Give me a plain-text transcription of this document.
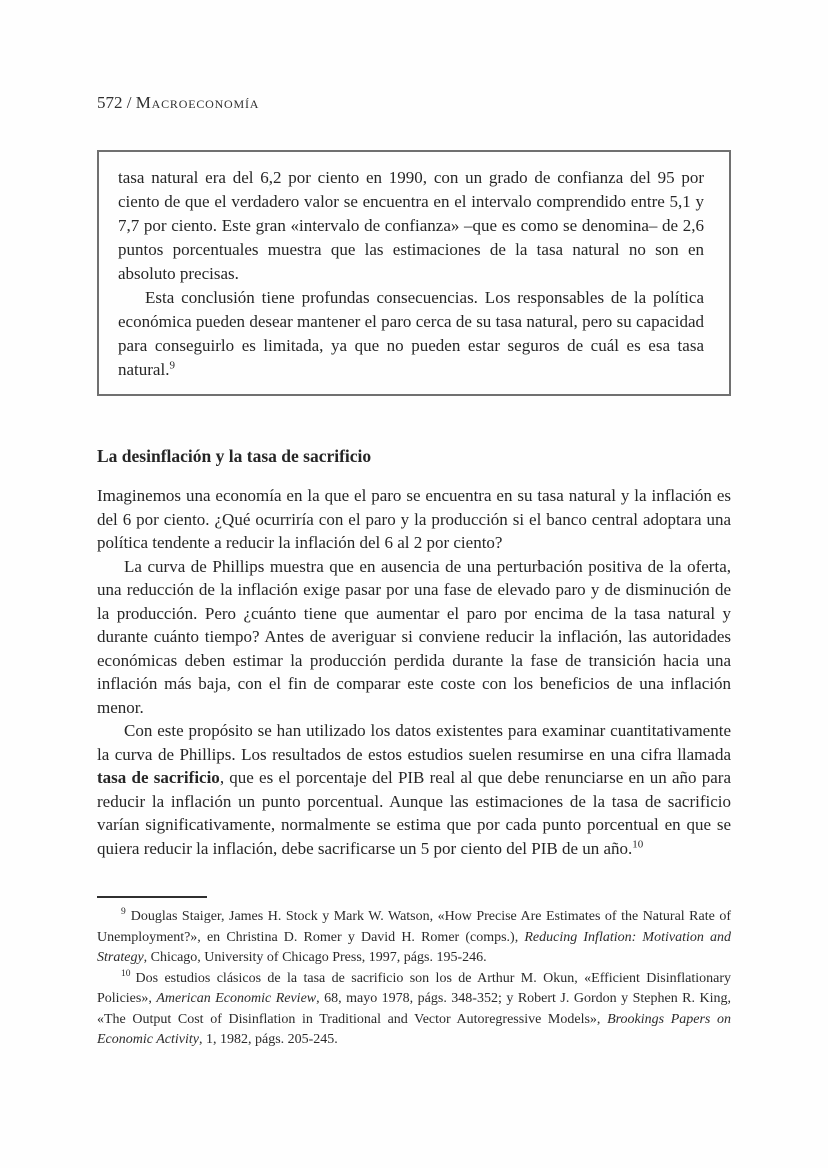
572 / Macroeconomía

tasa natural era del 6,2 por ciento en 1990, con un grado de confianza del 95 por ciento de que el verdadero valor se encuentra en el intervalo comprendido entre 5,1 y 7,7 por ciento. Este gran «intervalo de confianza» –que es como se denomina– de 2,6 puntos porcentuales muestra que las estimaciones de la tasa natural no son en absoluto precisas.

Esta conclusión tiene profundas consecuencias. Los responsables de la política económica pueden desear mantener el paro cerca de su tasa natural, pero su capacidad para conseguirlo es limitada, ya que no pueden estar seguros de cuál es esa tasa natural.$^9$

La desinflación y la tasa de sacrificio

Imaginemos una economía en la que el paro se encuentra en su tasa natural y la inflación es del 6 por ciento. ¿Qué ocurriría con el paro y la producción si el banco central adoptara una política tendente a reducir la inflación del 6 al 2 por ciento?

La curva de Phillips muestra que en ausencia de una perturbación positiva de la oferta, una reducción de la inflación exige pasar por una fase de elevado paro y de disminución de la producción. Pero ¿cuánto tiene que aumentar el paro por encima de la tasa natural y durante cuánto tiempo? Antes de averiguar si conviene reducir la inflación, las autoridades económicas deben estimar la producción perdida durante la fase de transición hacia una inflación más baja, con el fin de comparar este coste con los beneficios de una inflación menor.

Con este propósito se han utilizado los datos existentes para examinar cuantitativamente la curva de Phillips. Los resultados de estos estudios suelen resumirse en una cifra llamada tasa de sacrificio, que es el porcentaje del PIB real al que debe renunciarse en un año para reducir la inflación un punto porcentual. Aunque las estimaciones de la tasa de sacrificio varían significativamente, normalmente se estima que por cada punto porcentual en que se quiera reducir la inflación, debe sacrificarse un 5 por ciento del PIB de un año.$^{10}$

$^9$ Douglas Staiger, James H. Stock y Mark W. Watson, «How Precise Are Estimates of the Natural Rate of Unemployment?», en Christina D. Romer y David H. Romer (comps.), Reducing Inflation: Motivation and Strategy, Chicago, University of Chicago Press, 1997, págs. 195-246.

$^{10}$ Dos estudios clásicos de la tasa de sacrificio son los de Arthur M. Okun, «Efficient Disinflationary Policies», American Economic Review, 68, mayo 1978, págs. 348-352; y Robert J. Gordon y Stephen R. King, «The Output Cost of Disinflation in Traditional and Vector Autoregressive Models», Brookings Papers on Economic Activity, 1, 1982, págs. 205-245.
